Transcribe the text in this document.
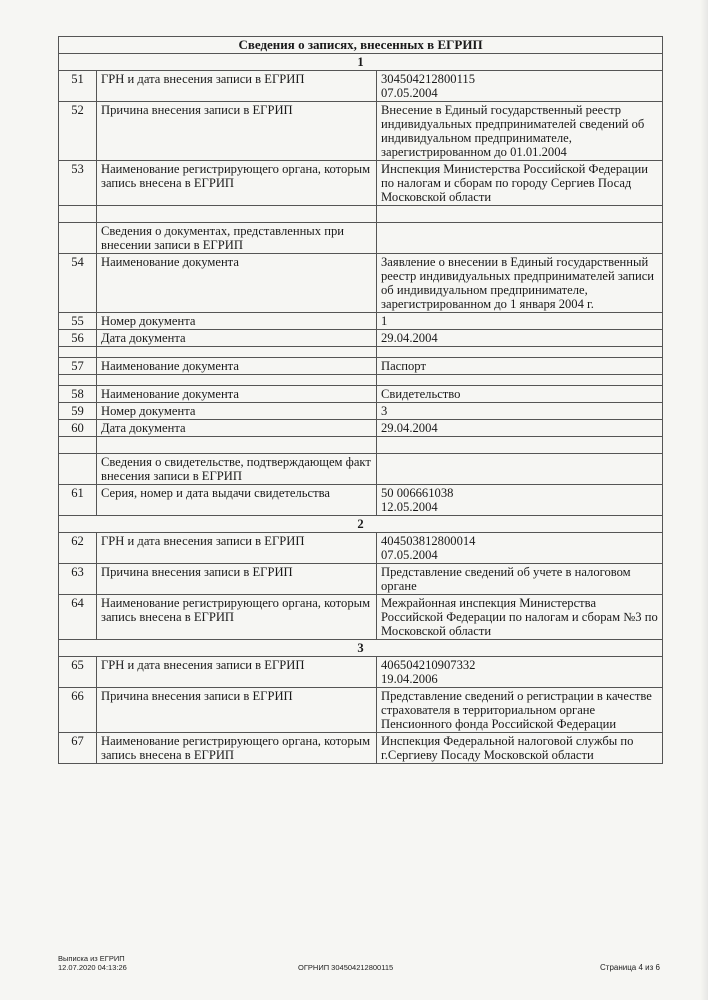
Сведения о записях, внесенных в ЕГРИП		
1		
51	ГРН и дата внесения записи в ЕГРИП	304504212800115
07.05.2004
52	Причина внесения записи в ЕГРИП	Внесение в Единый государственный реестр индивидуальных предпринимателей сведений об индивидуальном предпринимателе, зарегистрированном до 01.01.2004
53	Наименование регистрирующего органа, которым запись внесена в ЕГРИП	Инспекция Министерства Российской Федерации по налогам и сборам по городу Сергиев Посад Московской области

	Сведения о документах, представленных при внесении записи в ЕГРИП	
54	Наименование документа	Заявление о внесении в Единый государственный реестр индивидуальных предпринимателей записи об индивидуальном предпринимателе, зарегистрированном до 1 января 2004 г.
55	Номер документа	1
56	Дата документа	29.04.2004

57	Наименование документа	Паспорт

58	Наименование документа	Свидетельство
59	Номер документа	3
60	Дата документа	29.04.2004

	Сведения о свидетельстве, подтверждающем факт внесения записи в ЕГРИП	
61	Серия, номер и дата выдачи свидетельства	50 006661038
12.05.2004
2		
62	ГРН и дата внесения записи в ЕГРИП	404503812800014
07.05.2004
63	Причина внесения записи в ЕГРИП	Представление сведений об учете в налоговом органе
64	Наименование регистрирующего органа, которым запись внесена в ЕГРИП	Межрайонная инспекция Министерства Российской Федерации по налогам и сборам №3 по Московской области
3		
65	ГРН и дата внесения записи в ЕГРИП	406504210907332
19.04.2006
66	Причина внесения записи в ЕГРИП	Представление сведений о регистрации в качестве страхователя в территориальном органе Пенсионного фонда Российской Федерации
67	Наименование регистрирующего органа, которым запись внесена в ЕГРИП	Инспекция Федеральной налоговой службы по г.Сергиеву Посаду Московской области
Выписка из ЕГРИП
12.07.2020 04:13:26	ОГРНИП 304504212800115	Страница 4 из 6
